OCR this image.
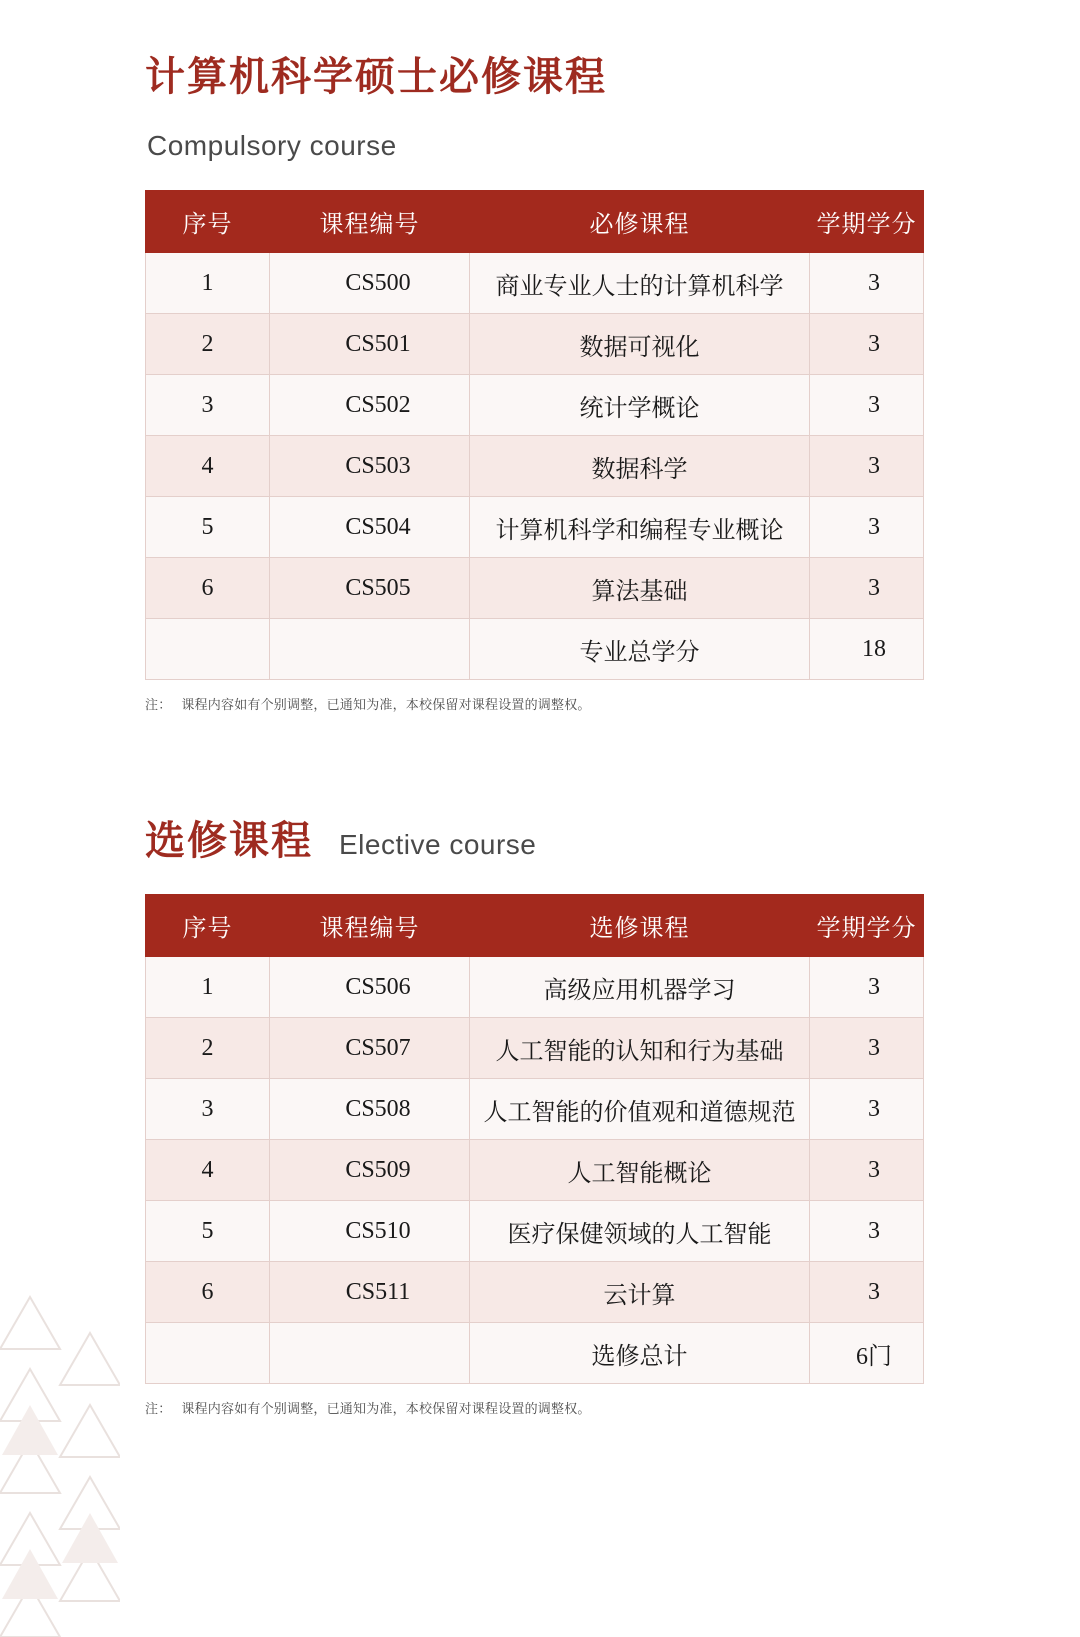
计算机科学硕士必修课程
Compulsory course
序号	课程编号	必修课程	学期学分
1	CS500	商业专业人士的计算机科学	3
2	CS501	数据可视化	3
3	CS502	统计学概论	3
4	CS503	数据科学	3
5	CS504	计算机科学和编程专业概论	3
6	CS505	算法基础	3
		专业总学分	18
注： 课程内容如有个别调整，已通知为准，本校保留对课程设置的调整权。
选修课程 Elective course
序号	课程编号	选修课程	学期学分
1	CS506	高级应用机器学习	3
2	CS507	人工智能的认知和行为基础	3
3	CS508	人工智能的价值观和道德规范	3
4	CS509	人工智能概论	3
5	CS510	医疗保健领域的人工智能	3
6	CS511	云计算	3
		选修总计	6门
注： 课程内容如有个别调整，已通知为准，本校保留对课程设置的调整权。
